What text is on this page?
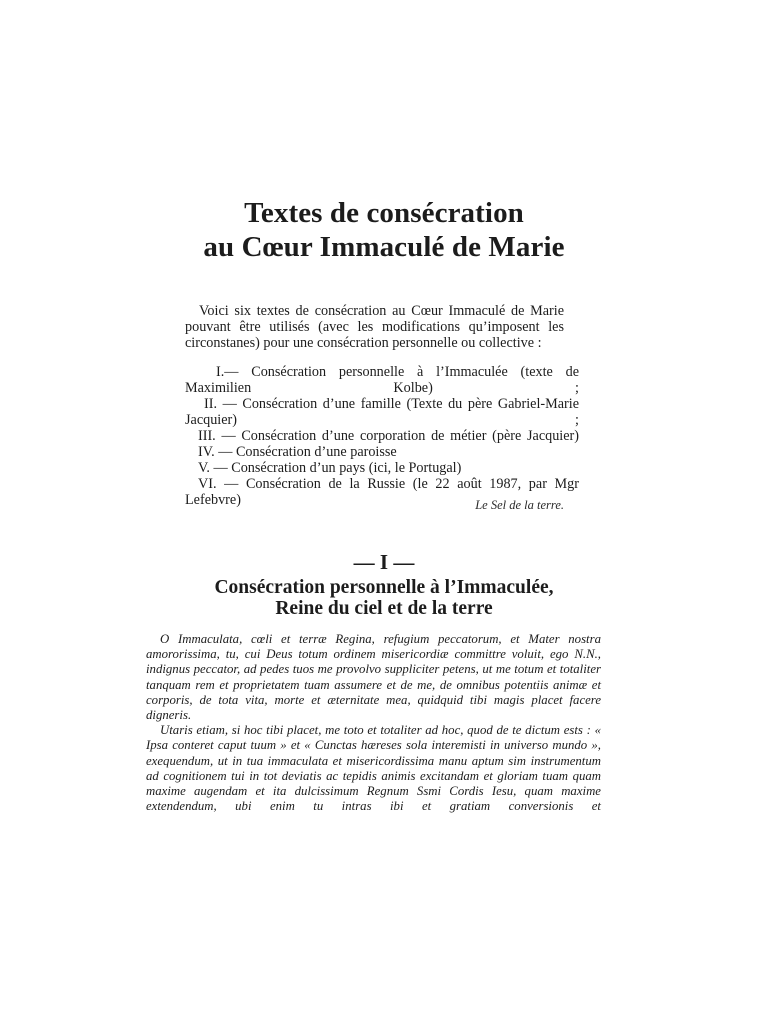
Textes de consécration
au Cœur Immaculé de Marie

Voici six textes de consécration au Cœur Immaculé de Marie pouvant être utilisés (avec les modifications qu’imposent les circonstanes) pour une consécration personnelle ou collective :

I.— Consécration personnelle à l’Immaculée (texte de Maximilien Kolbe) ;
II. — Consécration d’une famille (Texte du père Gabriel-Marie Jacquier) ;
III. — Consécration d’une corporation de métier (père Jacquier)
IV. — Consécration d’une paroisse
V. — Consécration d’un pays (ici, le Portugal)
VI. — Consécration de la Russie (le 22 août 1987, par Mgr Lefebvre)	Le Sel de la terre.

— I —
Consécration personnelle à l’Immaculée,
Reine du ciel et de la terre

O Immaculata, cœli et terræ Regina, refugium peccatorum, et Mater nostra amororissima, tu, cui Deus totum ordinem misericordiæ committre voluit, ego N.N., indignus peccator, ad pedes tuos me provolvo suppliciter petens, ut me totum et totaliter tanquam rem et proprietatem tuam assumere et de me, de omnibus potentiis animæ et corporis, de tota vita, morte et æternitate mea, quidquid tibi magis placet facere digneris.

Utaris etiam, si hoc tibi placet, me toto et totaliter ad hoc, quod de te dictum ests : « Ipsa conteret caput tuum » et « Cunctas hæreses sola interemisti in universo mundo », exequendum, ut in tua immaculata et misericordissima manu aptum sim instrumentum ad cognitionem tui in tot deviatis ac tepidis animis excitandam et gloriam tuam quam maxime augendam et ita dulcissimum Regnum Ssmi Cordis Iesu, quam maxime extendendum, ubi enim tu intras ibi et gratiam conversionis et
